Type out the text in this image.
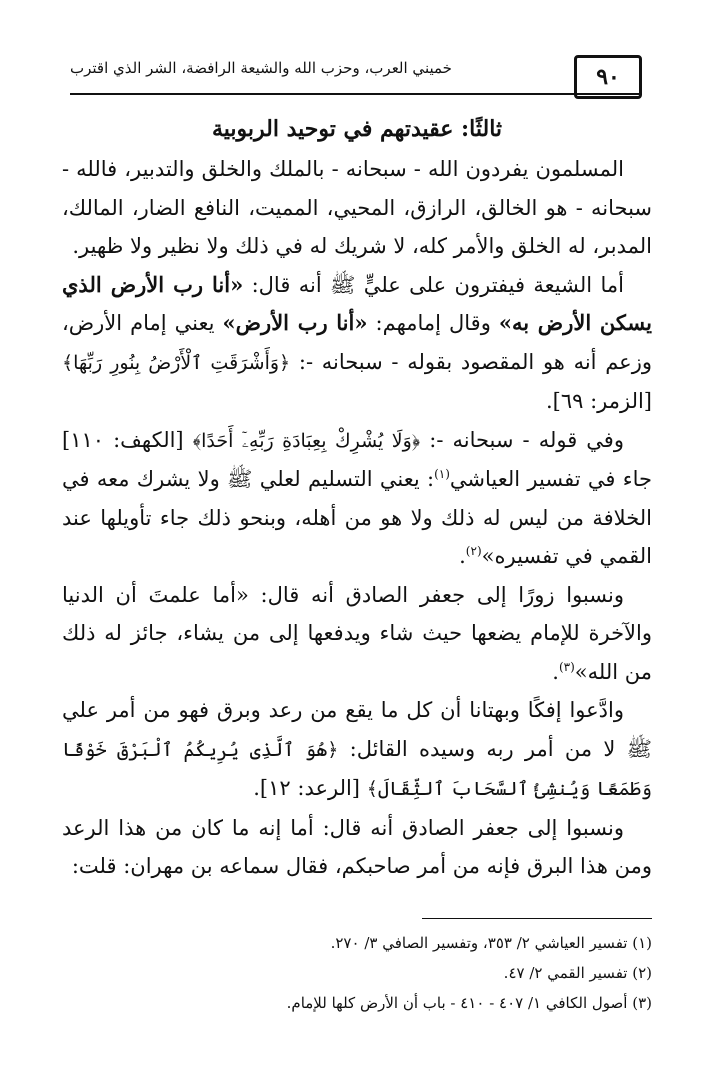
٩٠
خميني العرب، وحزب الله والشيعة الرافضة، الشر الذي اقترب
ثالثًا: عقيدتهم في توحيد الربوبية

المسلمون يفردون الله - سبحانه - بالملك والخلق والتدبير، فالله - سبحانه - هو الخالق، الرازق، المحيي، المميت، النافع الضار، المالك، المدبر، له الخلق والأمر كله، لا شريك له في ذلك ولا نظير ولا ظهير.

أما الشيعة فيفترون على عليٍّ ﷺ أنه قال: «أنا رب الأرض الذي يسكن الأرض به» وقال إمامهم: «أنا رب الأرض» يعني إمام الأرض، وزعم أنه هو المقصود بقوله - سبحانه -: ﴿وَأَشْرَقَتِ ٱلْأَرْضُ بِنُورِ رَبِّهَا﴾ [الزمر: ٦٩].

وفي قوله - سبحانه -: ﴿وَلَا يُشْرِكْ بِعِبَادَةِ رَبِّهِۦٓ أَحَدًا﴾ [الكهف: ١١٠] جاء في تفسير العياشي$^{(١)}$: يعني التسليم لعلي ﷺ ولا يشرك معه في الخلافة من ليس له ذلك ولا هو من أهله، وبنحو ذلك جاء تأويلها عند القمي في تفسيره»$^{(٢)}$.

ونسبوا زورًا إلى جعفر الصادق أنه قال: «أما علمتَ أن الدنيا والآخرة للإمام يضعها حيث شاء ويدفعها إلى من يشاء، جائز له ذلك من الله»$^{(٣)}$.

وادَّعوا إفكًا وبهتانا أن كل ما يقع من رعد وبرق فهو من أمر علي ﷺ لا من أمر ربه وسيده القائل: ﴿هُوَ ٱلَّذِى يُرِيكُمُ ٱلْبَرْقَ خَوْفًا وَطَمَعًا وَيُنشِئُ ٱلسَّحَابَ ٱلثِّقَالَ﴾ [الرعد: ١٢].

ونسبوا إلى جعفر الصادق أنه قال: أما إنه ما كان من هذا الرعد ومن هذا البرق فإنه من أمر صاحبكم، فقال سماعه بن مهران: قلت:

(١) تفسير العياشي ٢/ ٣٥٣، وتفسير الصافي ٣/ ٢٧٠.
(٢) تفسير القمي ٢/ ٤٧.
(٣) أصول الكافي ١/ ٤٠٧ - ٤١٠ - باب أن الأرض كلها للإمام.
